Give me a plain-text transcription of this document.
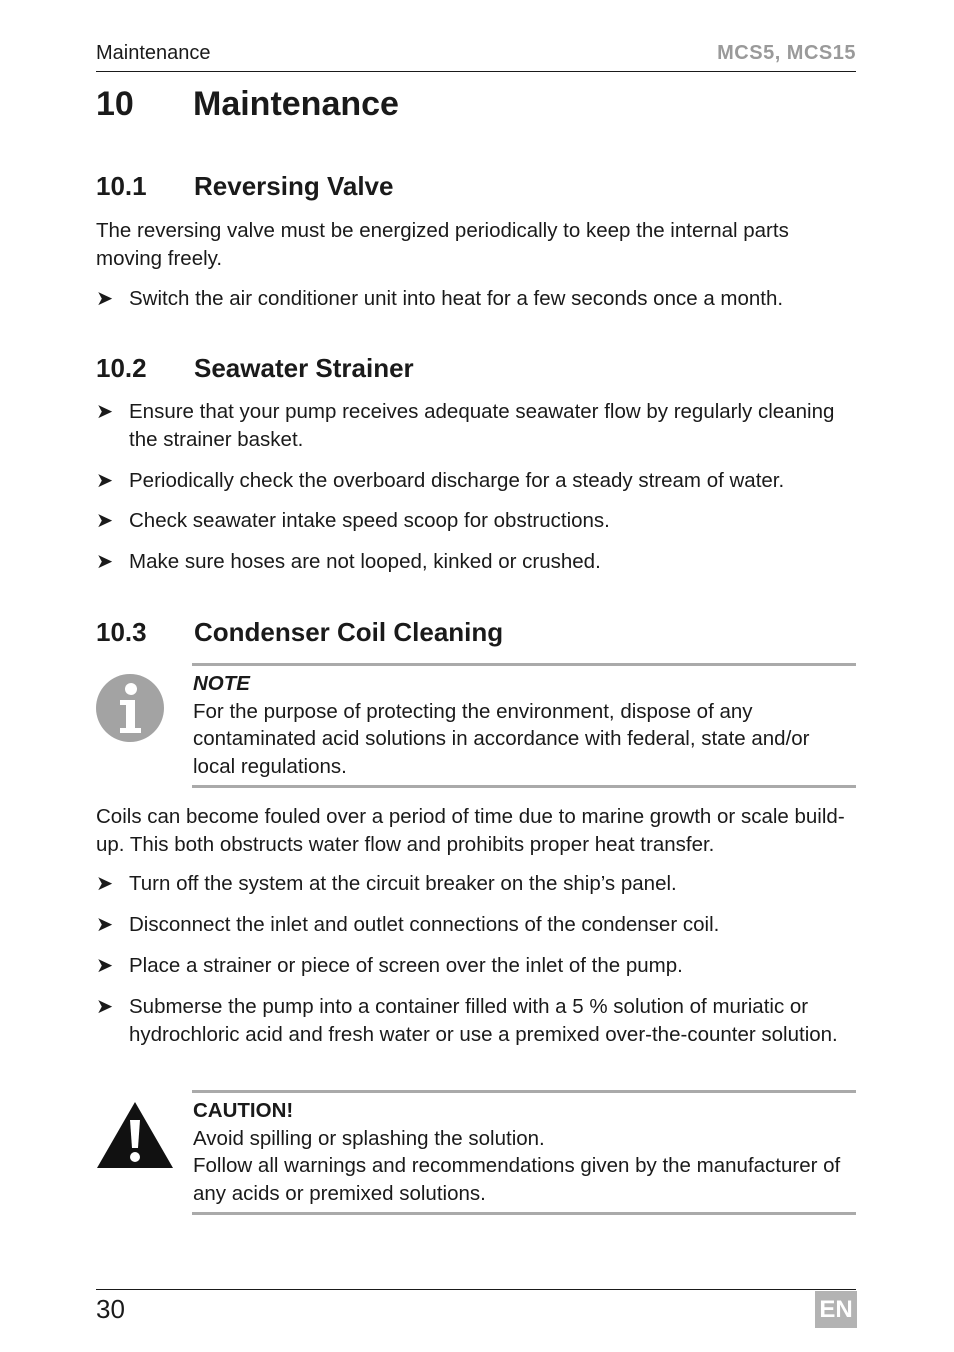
Maintenance	MCS5, MCS15
10 Maintenance
10.1 Reversing Valve
The reversing valve must be energized periodically to keep the internal parts moving freely.
➤ Switch the air conditioner unit into heat for a few seconds once a month.
10.2 Seawater Strainer
➤ Ensure that your pump receives adequate seawater flow by regularly cleaning the strainer basket.
➤ Periodically check the overboard discharge for a steady stream of water.
➤ Check seawater intake speed scoop for obstructions.
➤ Make sure hoses are not looped, kinked or crushed.
10.3 Condenser Coil Cleaning
NOTE
For the purpose of protecting the environment, dispose of any contaminated acid solutions in accordance with federal, state and/or local regulations.
Coils can become fouled over a period of time due to marine growth or scale build-up. This both obstructs water flow and prohibits proper heat transfer.
➤ Turn off the system at the circuit breaker on the ship’s panel.
➤ Disconnect the inlet and outlet connections of the condenser coil.
➤ Place a strainer or piece of screen over the inlet of the pump.
➤ Submerse the pump into a container filled with a 5 % solution of muriatic or hydrochloric acid and fresh water or use a premixed over-the-counter solution.
CAUTION!
Avoid spilling or splashing the solution.
Follow all warnings and recommendations given by the manufacturer of any acids or premixed solutions.
30	EN
